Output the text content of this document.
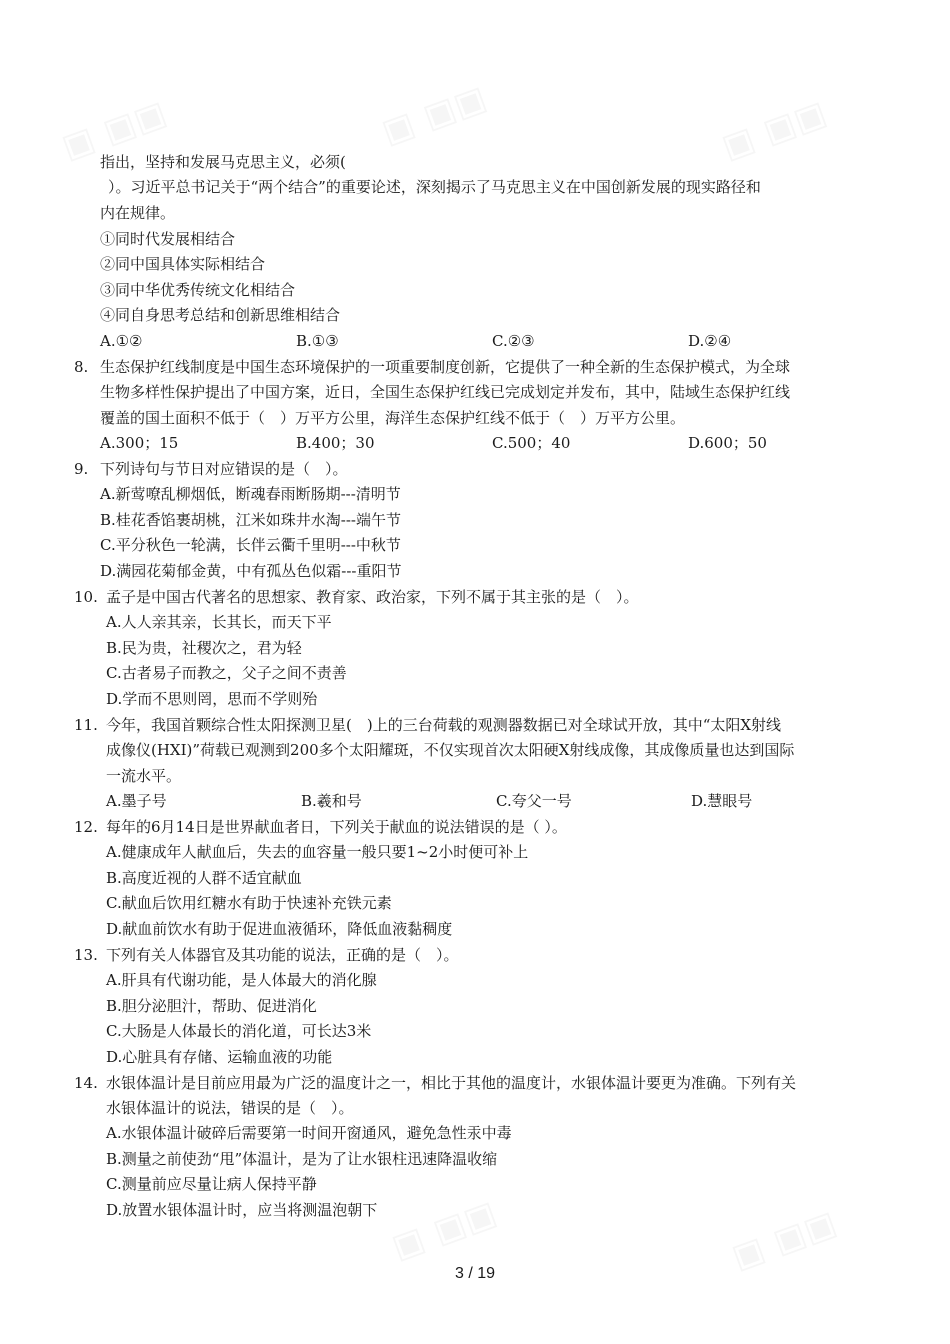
指出，坚持和发展马克思主义，必须(
）。习近平总书记关于“两个结合”的重要论述，深刻揭示了马克思主义在中国创新发展的现实路径和
内在规律。
①同时代发展相结合
②同中国具体实际相结合
③同中华优秀传统文化相结合
④同自身思考总结和创新思维相结合
A.①②	B.①③	C.②③	D.②④
8. 生态保护红线制度是中国生态环境保护的一项重要制度创新，它提供了一种全新的生态保护模式，为全球
生物多样性保护提出了中国方案，近日，全国生态保护红线已完成划定并发布，其中，陆域生态保护红线
覆盖的国土面积不低于（　）万平方公里，海洋生态保护红线不低于（　）万平方公里。
A.300；15	B.400；30	C.500；40	D.600；50
9. 下列诗句与节日对应错误的是（　）。
A.新莺嘹乱柳烟低，断魂春雨断肠期---清明节
B.桂花香馅裹胡桃，江米如珠井水淘---端午节
C.平分秋色一轮满，长伴云衢千里明---中秋节
D.满园花菊郁金黄，中有孤丛色似霜---重阳节
10. 孟子是中国古代著名的思想家、教育家、政治家，下列不属于其主张的是（　）。
A.人人亲其亲，长其长，而天下平
B.民为贵，社稷次之，君为轻
C.古者易子而教之，父子之间不责善
D.学而不思则罔，思而不学则殆
11. 今年，我国首颗综合性太阳探测卫星(　)上的三台荷载的观测器数据已对全球试开放，其中“太阳X射线
成像仪(HXI)”荷载已观测到200多个太阳耀斑，不仅实现首次太阳硬X射线成像，其成像质量也达到国际
一流水平。
A.墨子号	B.羲和号	C.夸父一号	D.慧眼号
12. 每年的6月14日是世界献血者日，下列关于献血的说法错误的是（ ）。
A.健康成年人献血后，失去的血容量一般只要1~2小时便可补上
B.高度近视的人群不适宜献血
C.献血后饮用红糖水有助于快速补充铁元素
D.献血前饮水有助于促进血液循环，降低血液黏稠度
13. 下列有关人体器官及其功能的说法，正确的是（　）。
A.肝具有代谢功能，是人体最大的消化腺
B.胆分泌胆汁，帮助、促进消化
C.大肠是人体最长的消化道，可长达3米
D.心脏具有存储、运输血液的功能
14. 水银体温计是目前应用最为广泛的温度计之一，相比于其他的温度计，水银体温计要更为准确。下列有关
水银体温计的说法，错误的是（　）。
A.水银体温计破碎后需要第一时间开窗通风，避免急性汞中毒
B.测量之前使劲“甩”体温计，是为了让水银柱迅速降温收缩
C.测量前应尽量让病人保持平静
D.放置水银体温计时，应当将测温泡朝下
3 / 19
